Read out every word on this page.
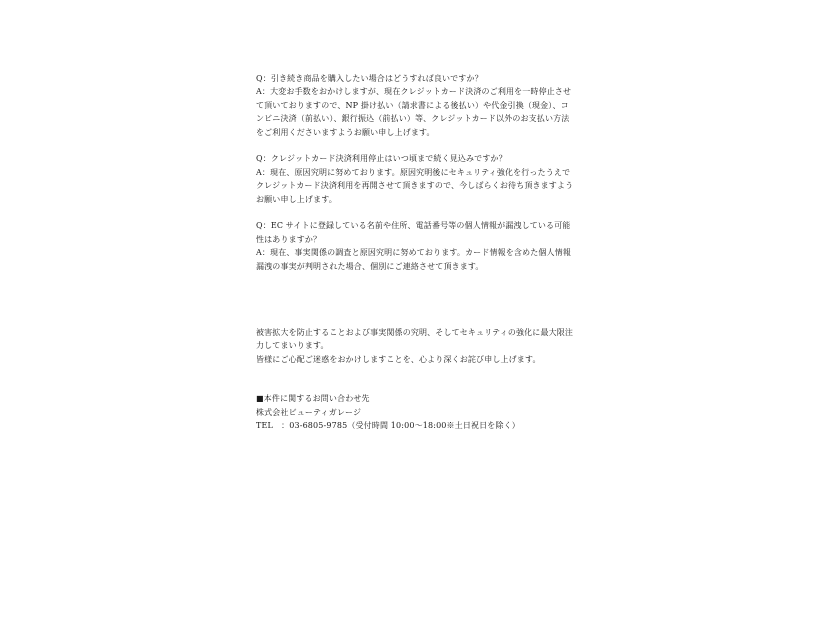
Q：引き続き商品を購入したい場合はどうすれば良いですか？

A：大変お手数をおかけしますが、現在クレジットカード決済のご利用を一時停止させて頂いておりますので、NP 掛け払い（請求書による後払い）や代金引換（現金）、コンビニ決済（前払い）、銀行振込（前払い）等、クレジットカード以外のお支払い方法をご利用くださいますようお願い申し上げます。

Q：クレジットカード決済利用停止はいつ頃まで続く見込みですか？

A：現在、原因究明に努めております。原因究明後にセキュリティ強化を行ったうえでクレジットカード決済利用を再開させて頂きますので、今しばらくお待ち頂きますようお願い申し上げます。

Q：EC サイトに登録している名前や住所、電話番号等の個人情報が漏洩している可能性はありますか？

A：現在、事実関係の調査と原因究明に努めております。カード情報を含めた個人情報漏洩の事実が判明された場合、個別にご連絡させて頂きます。

被害拡大を防止することおよび事実関係の究明、そしてセキュリティの強化に最大限注力してまいります。

皆様にご心配ご迷惑をおかけしますことを、心より深くお詫び申し上げます。

■本件に関するお問い合わせ先

株式会社ビューティガレージ

TEL　：03-6805-9785（受付時間 10:00〜18:00※土日祝日を除く）
